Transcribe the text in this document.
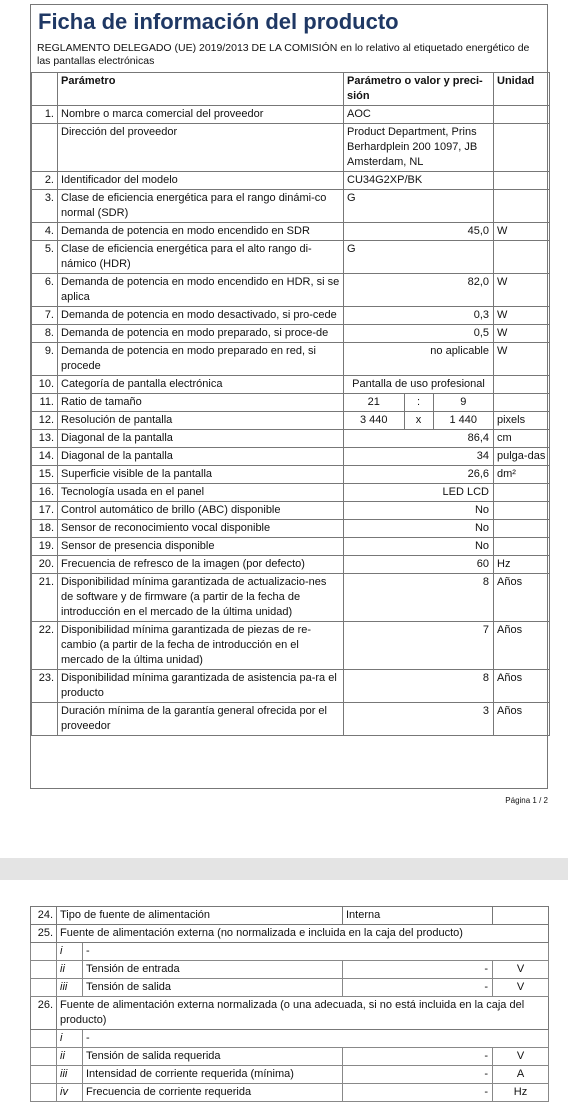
Ficha de información del producto
REGLAMENTO DELEGADO (UE) 2019/2013 DE LA COMISIÓN en lo relativo al etiquetado energético de las pantallas electrónicas
	Parámetro	Parámetro o valor y preci-sión	Unidad
1.	Nombre o marca comercial del proveedor	AOC	
	Dirección del proveedor	Product Department, Prins Berhardplein 200 1097, JB Amsterdam, NL	
2.	Identificador del modelo	CU34G2XP/BK	
3.	Clase de eficiencia energética para el rango dinámi-co normal (SDR)	G	
4.	Demanda de potencia en modo encendido en SDR	45,0	W
5.	Clase de eficiencia energética para el alto rango di-námico (HDR)	G	
6.	Demanda de potencia en modo encendido en HDR, si se aplica	82,0	W
7.	Demanda de potencia en modo desactivado, si pro-cede	0,3	W
8.	Demanda de potencia en modo preparado, si proce-de	0,5	W
9.	Demanda de potencia en modo preparado en red, si procede	no aplicable	W
10.	Categoría de pantalla electrónica	Pantalla de uso profesional	
11.	Ratio de tamaño	21 : 9	

12.	Resolución de pantalla	3 440 x 1 440	pixels
13.	Diagonal de la pantalla	86,4	cm
14.	Diagonal de la pantalla	34	pulga-das
15.	Superficie visible de la pantalla	26,6	dm²
16.	Tecnología usada en el panel	LED LCD	
17.	Control automático de brillo (ABC) disponible	No	
18.	Sensor de reconocimiento vocal disponible	No	
19.	Sensor de presencia disponible	No	
20.	Frecuencia de refresco de la imagen (por defecto)	60	Hz
21.	Disponibilidad mínima garantizada de actualizacio-nes de software y de firmware (a partir de la fecha de introducción en el mercado de la última unidad)	8	Años
22.	Disponibilidad mínima garantizada de piezas de re-cambio (a partir de la fecha de introducción en el mercado de la última unidad)	7	Años
23.	Disponibilidad mínima garantizada de asistencia pa-ra el producto	8	Años
	Duración mínima de la garantía general ofrecida por el proveedor	3	Años
Página 1 / 2
24.	Tipo de fuente de alimentación		Interna	
25.	Fuente de alimentación externa (no normalizada e incluida en la caja del producto)			
	i	-		
	ii	Tensión de entrada	-	V
	iii	Tensión de salida	-	V
26.	Fuente de alimentación externa normalizada (o una adecuada, si no está incluida en la caja del producto)			
	i	-		
	ii	Tensión de salida requerida	-	V
	iii	Intensidad de corriente requerida (mínima)	-	A
	iv	Frecuencia de corriente requerida	-	Hz
